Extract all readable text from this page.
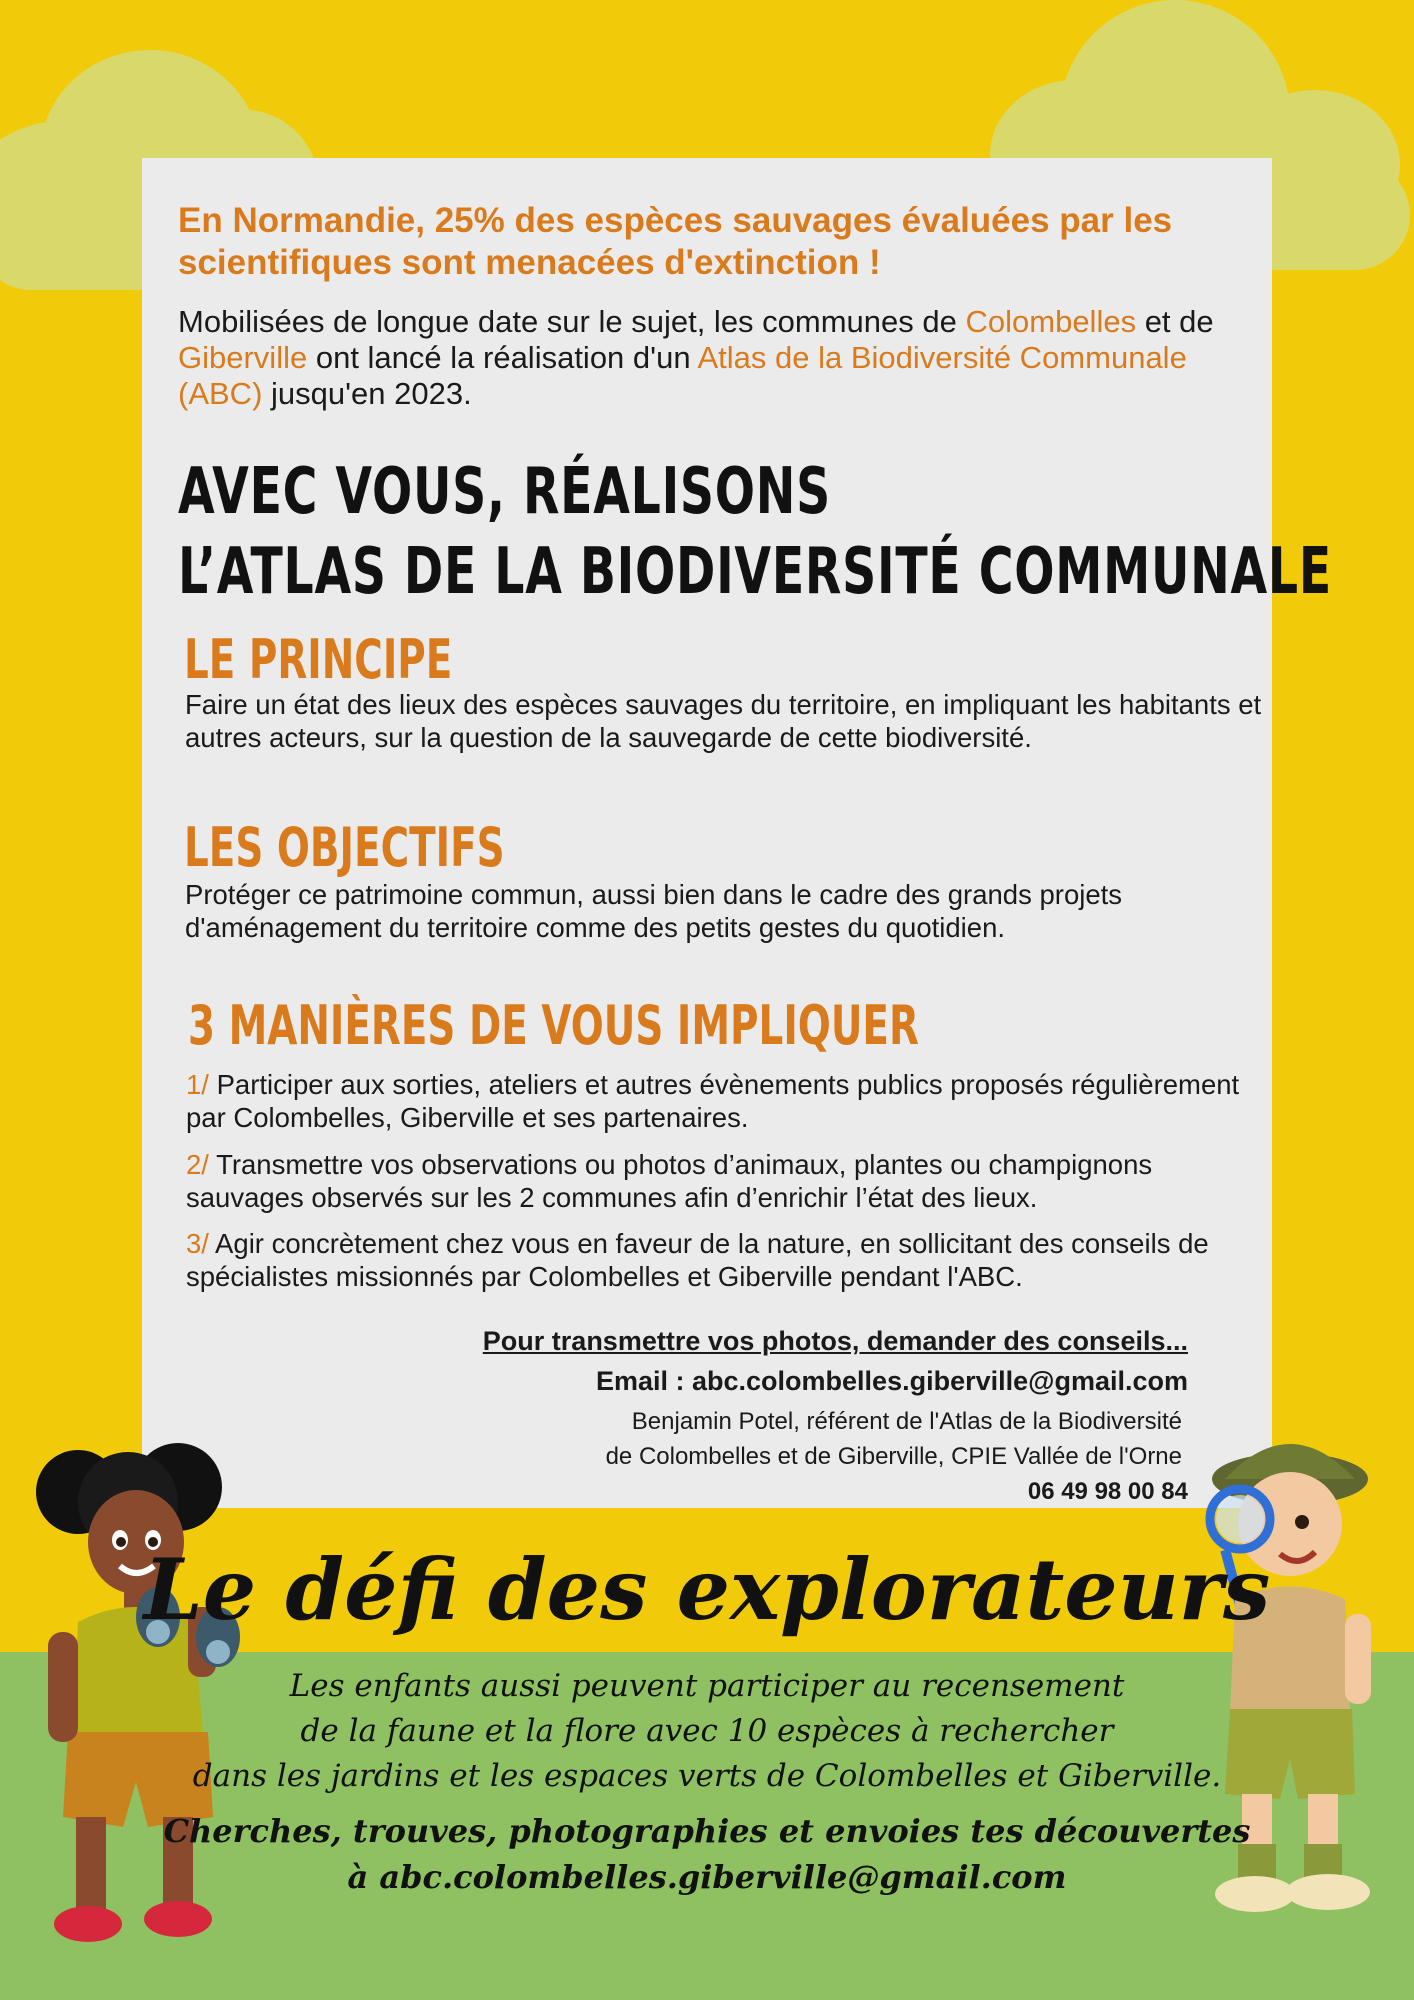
En Normandie, 25% des espèces sauvages évaluées par les scientifiques sont menacées d'extinction !

Mobilisées de longue date sur le sujet, les communes de Colombelles et de Giberville ont lancé la réalisation d'un Atlas de la Biodiversité Communale (ABC) jusqu'en 2023.

AVEC VOUS, RÉALISONS
L’ATLAS DE LA BIODIVERSITÉ COMMUNALE
LE PRINCIPE

Faire un état des lieux des espèces sauvages du territoire, en impliquant les habitants et autres acteurs, sur la question de la sauvegarde de cette biodiversité.

LES OBJECTIFS

Protéger ce patrimoine commun, aussi bien dans le cadre des grands projets d'aménagement du territoire comme des petits gestes du quotidien.

3 MANIÈRES DE VOUS IMPLIQUER

1/ Participer aux sorties, ateliers et autres évènements publics proposés régulièrement par Colombelles, Giberville et ses partenaires.

2/ Transmettre vos observations ou photos d’animaux, plantes ou champignons sauvages observés sur les 2 communes afin d’enrichir l’état des lieux.

3/ Agir concrètement chez vous en faveur de la nature, en sollicitant des conseils de spécialistes missionnés par Colombelles et Giberville pendant l'ABC.

Pour transmettre vos photos, demander des conseils...

Email : abc.colombelles.giberville@gmail.com

Benjamin Potel, référent de l'Atlas de la Biodiversité

de Colombelles et de Giberville, CPIE Vallée de l'Orne

06 49 98 00 84

Le défi des explorateurs

Les enfants aussi peuvent participer au recensement
de la faune et la flore avec 10 espèces à rechercher
dans les jardins et les espaces verts de Colombelles et Giberville.

Cherches, trouves, photographies et envoies tes découvertes
à abc.colombelles.giberville@gmail.com
